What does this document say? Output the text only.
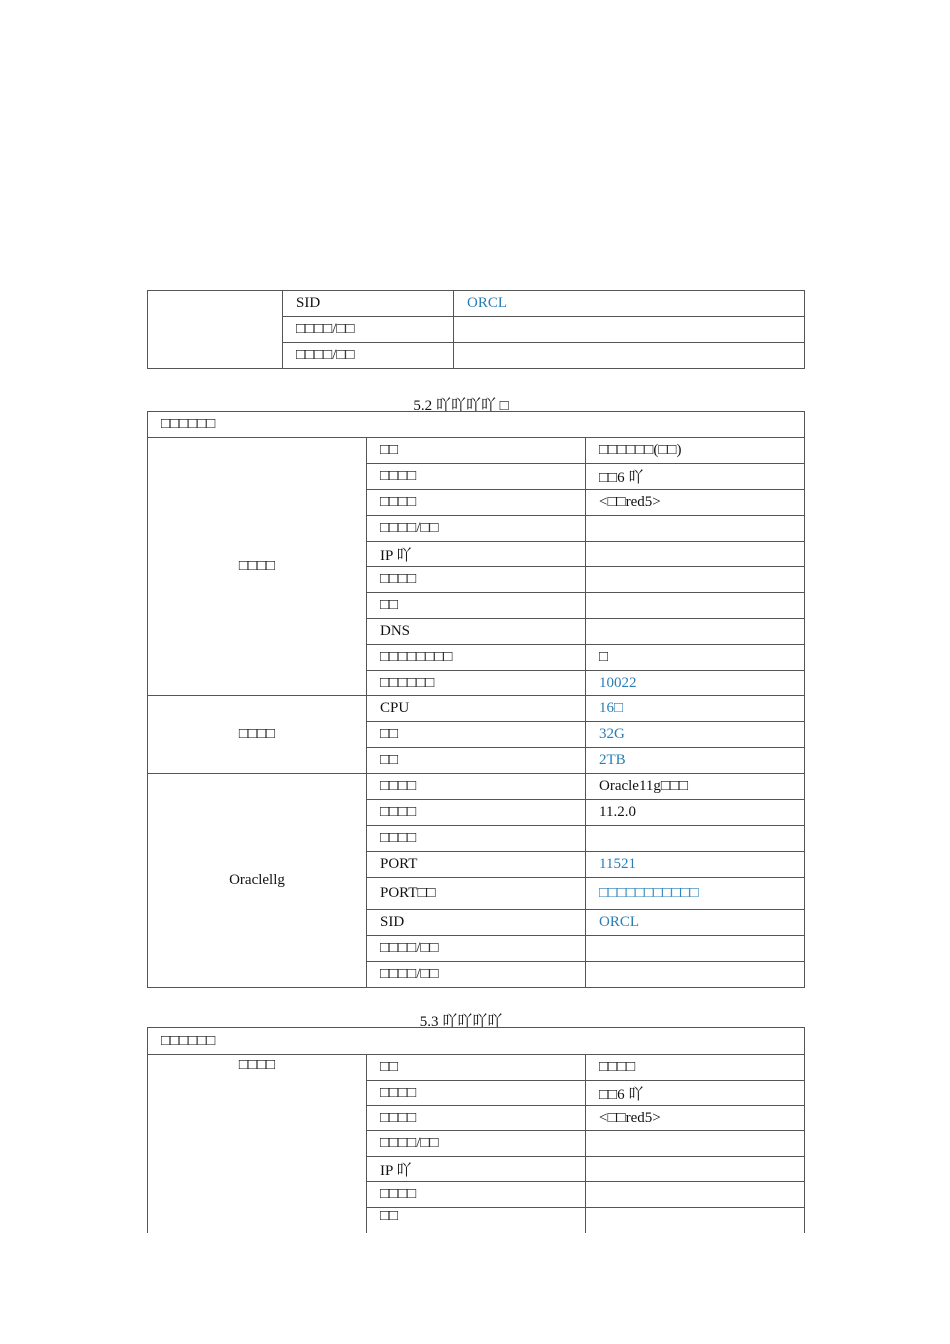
	SID	ORCL
	□□□□/□□	
	□□□□/□□	
5.2 吖吖吖吖 □
□□□□□□		
□□□□	□□	□□□□□□(□□)
	□□□□	□□6 吖
	□□□□	<□□red5>
	□□□□/□□	
	IP 吖	
	□□□□	
	□□	
	DNS	
	□□□□□□□□	□
	□□□□□□	10022
□□□□	CPU	16□
	□□	32G
	□□	2TB
Oraclellg	□□□□	Oracle11g□□□
	□□□□	11.2.0
	□□□□	
	PORT	11521
	PORT□□	□□□□□□□□□□□
	SID	ORCL
	□□□□/□□	
	□□□□/□□	
5.3 吖吖吖吖
□□□□□□		
□□□□	□□	□□□□
	□□□□	□□6 吖
	□□□□	<□□red5>
	□□□□/□□	
	IP 吖	
	□□□□	
	□□	
